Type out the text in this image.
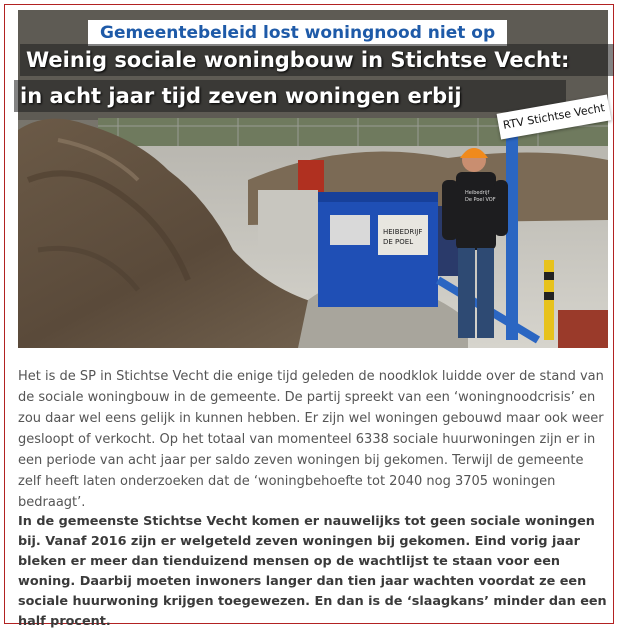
HEIBEDRIJF
DE POEL
Heibedrijf
De Poel VOF
Gemeentebeleid lost woningnood niet op
Weinig sociale woningbouw in Stichtse Vecht:
in acht jaar tijd zeven woningen erbij
RTV Stichtse Vecht

Het is de SP in Stichtse Vecht die enige tijd geleden de noodklok luidde over de stand van de sociale woningbouw in de gemeente. De partij spreekt van een ‘woningnoodcrisis’ en zou daar wel eens gelijk in kunnen hebben. Er zijn wel woningen gebouwd maar ook weer gesloopt of verkocht. Op het totaal van momenteel 6338 sociale huurwoningen zijn er in een periode van acht jaar per saldo zeven woningen bij gekomen. Terwijl de gemeente zelf heeft laten onderzoeken dat de ‘woningbehoefte tot 2040 nog 3705 woningen bedraagt’.

In de gemeenste Stichtse Vecht komen er nauwelijks tot geen sociale woningen bij. Vanaf 2016 zijn er welgeteld zeven woningen bij gekomen. Eind vorig jaar bleken er meer dan tienduizend mensen op de wachtlijst te staan voor een woning. Daarbij moeten inwoners langer dan tien jaar wachten voordat ze een sociale huurwoning krijgen toegewezen. En dan is de ‘slaagkans’ minder dan een half procent.
